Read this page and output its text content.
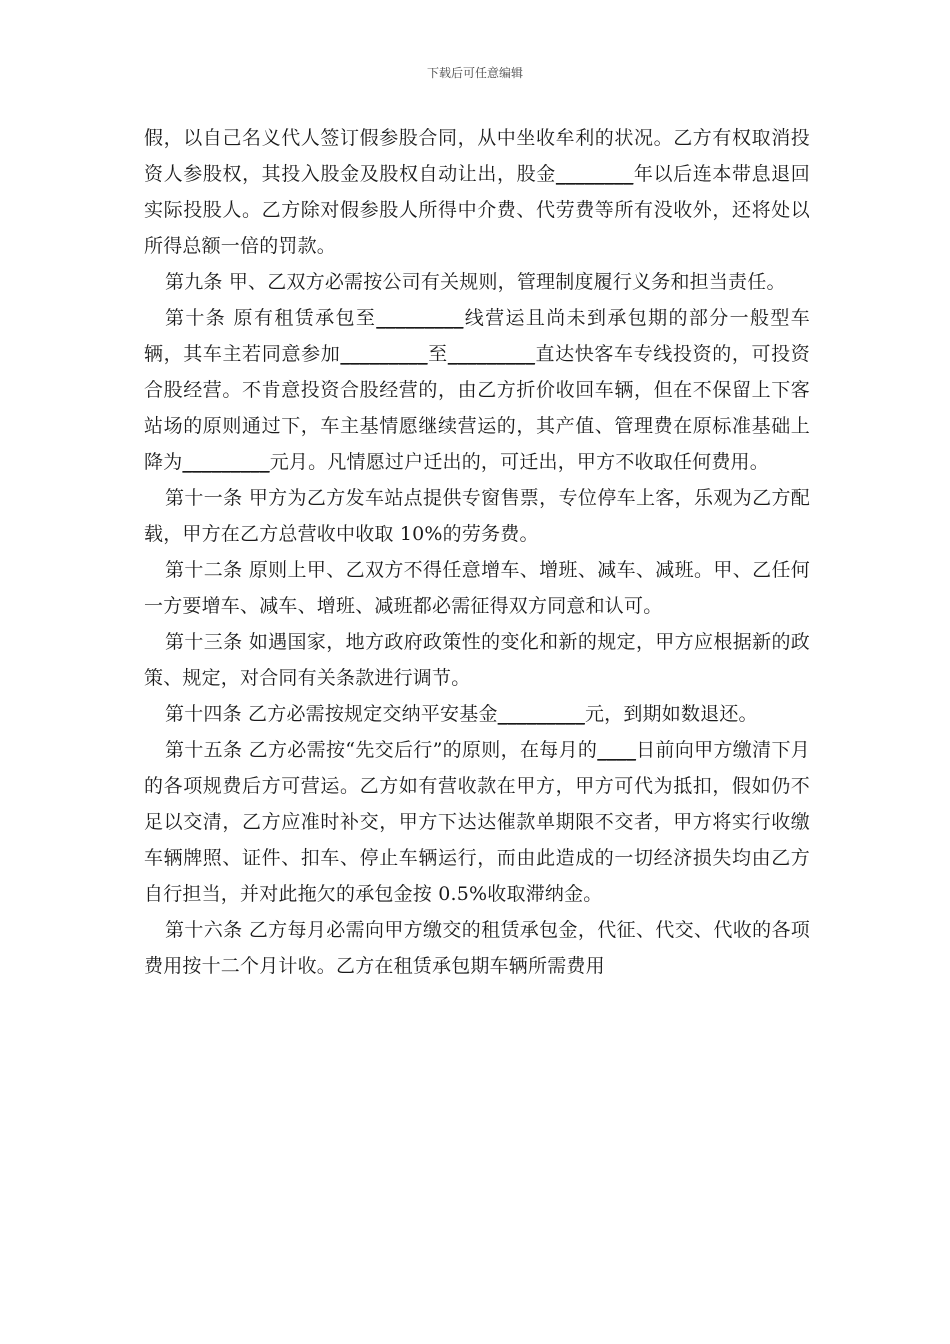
下载后可任意编辑

假，以自己名义代人签订假参股合同，从中坐收牟利的状况。乙方有权取消投资人参股权，其投入股金及股权自动让出，股金________年以后连本带息退回实际投股人。乙方除对假参股人所得中介费、代劳费等所有没收外，还将处以所得总额一倍的罚款。

第九条 甲、乙双方必需按公司有关规则，管理制度履行义务和担当责任。

第十条 原有租赁承包至_________线营运且尚未到承包期的部分一般型车辆，其车主若同意参加_________至_________直达快客车专线投资的，可投资合股经营。不肯意投资合股经营的，由乙方折价收回车辆，但在不保留上下客站场的原则通过下，车主基情愿继续营运的，其产值、管理费在原标准基础上降为_________元月。凡情愿过户迁出的，可迁出，甲方不收取任何费用。

第十一条 甲方为乙方发车站点提供专窗售票，专位停车上客，乐观为乙方配载，甲方在乙方总营收中收取 10%的劳务费。

第十二条 原则上甲、乙双方不得任意增车、增班、减车、减班。甲、乙任何一方要增车、减车、增班、减班都必需征得双方同意和认可。

第十三条 如遇国家，地方政府政策性的变化和新的规定，甲方应根据新的政策、规定，对合同有关条款进行调节。

第十四条 乙方必需按规定交纳平安基金_________元，到期如数退还。

第十五条 乙方必需按“先交后行”的原则，在每月的____日前向甲方缴清下月的各项规费后方可营运。乙方如有营收款在甲方，甲方可代为抵扣，假如仍不足以交清，乙方应准时补交，甲方下达达催款单期限不交者，甲方将实行收缴车辆牌照、证件、扣车、停止车辆运行，而由此造成的一切经济损失均由乙方自行担当，并对此拖欠的承包金按 0.5%收取滞纳金。

第十六条 乙方每月必需向甲方缴交的租赁承包金，代征、代交、代收的各项费用按十二个月计收。乙方在租赁承包期车辆所需费用
